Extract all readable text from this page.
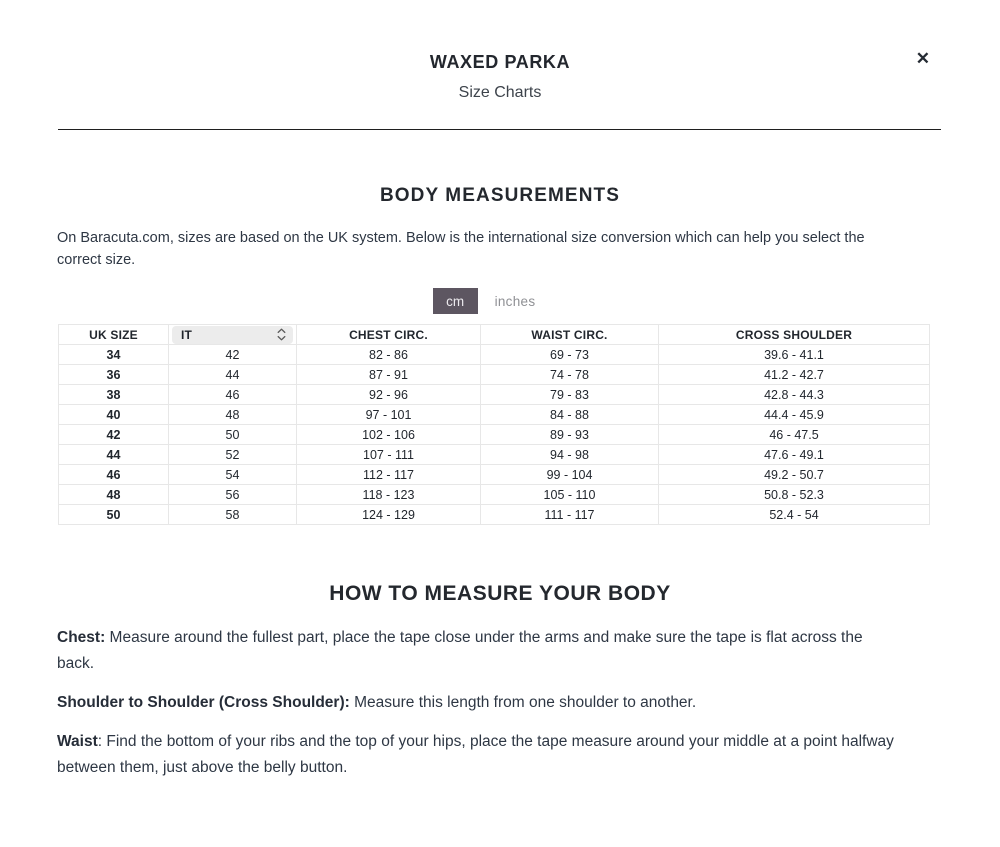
WAXED PARKA
Size Charts
✕
BODY MEASUREMENTS

On Baracuta.com, sizes are based on the UK system. Below is the international size conversion which can help you select the correct size.

cm	inches
UK SIZE	IT	CHEST CIRC.	WAIST CIRC.	CROSS SHOULDER
34	42	82 - 86	69 - 73	39.6 - 41.1
36	44	87 - 91	74 - 78	41.2 - 42.7
38	46	92 - 96	79 - 83	42.8 - 44.3
40	48	97 - 101	84 - 88	44.4 - 45.9
42	50	102 - 106	89 - 93	46 - 47.5
44	52	107 - 111	94 - 98	47.6 - 49.1
46	54	112 - 117	99 - 104	49.2 - 50.7
48	56	118 - 123	105 - 110	50.8 - 52.3
50	58	124 - 129	111 - 117	52.4 - 54
HOW TO MEASURE YOUR BODY

Chest: Measure around the fullest part, place the tape close under the arms and make sure the tape is flat across the back.

Shoulder to Shoulder (Cross Shoulder): Measure this length from one shoulder to another.

Waist: Find the bottom of your ribs and the top of your hips, place the tape measure around your middle at a point halfway between them, just above the belly button.
